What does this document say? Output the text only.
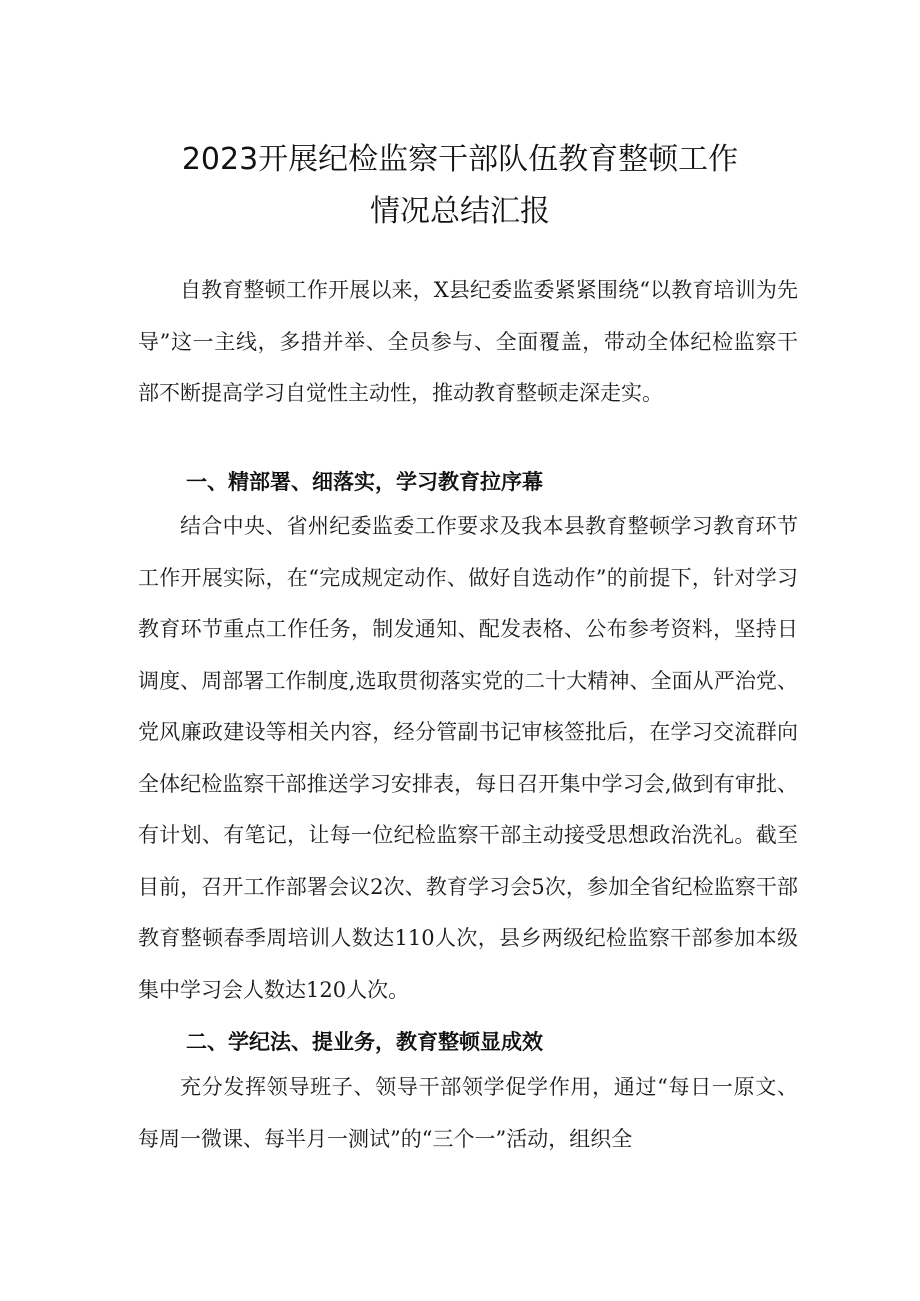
2023开展纪检监察干部队伍教育整顿工作
情况总结汇报

自教育整顿工作开展以来，X县纪委监委紧紧围绕“以教育培训为先导”这一主线，多措并举、全员参与、全面覆盖，带动全体纪检监察干部不断提高学习自觉性主动性，推动教育整顿走深走实。

一、精部署、细落实，学习教育拉序幕

结合中央、省州纪委监委工作要求及我本县教育整顿学习教育环节工作开展实际，在“完成规定动作、做好自选动作”的前提下，针对学习教育环节重点工作任务，制发通知、配发表格、公布参考资料，坚持日调度、周部署工作制度,选取贯彻落实党的二十大精神、全面从严治党、党风廉政建设等相关内容，经分管副书记审核签批后，在学习交流群向全体纪检监察干部推送学习安排表，每日召开集中学习会,做到有审批、有计划、有笔记，让每一位纪检监察干部主动接受思想政治洗礼。截至目前，召开工作部署会议2次、教育学习会5次，参加全省纪检监察干部教育整顿春季周培训人数达110人次，县乡两级纪检监察干部参加本级集中学习会人数达120人次。

二、学纪法、提业务，教育整顿显成效

充分发挥领导班子、领导干部领学促学作用，通过“每日一原文、每周一微课、每半月一测试”的“三个一”活动，组织全
